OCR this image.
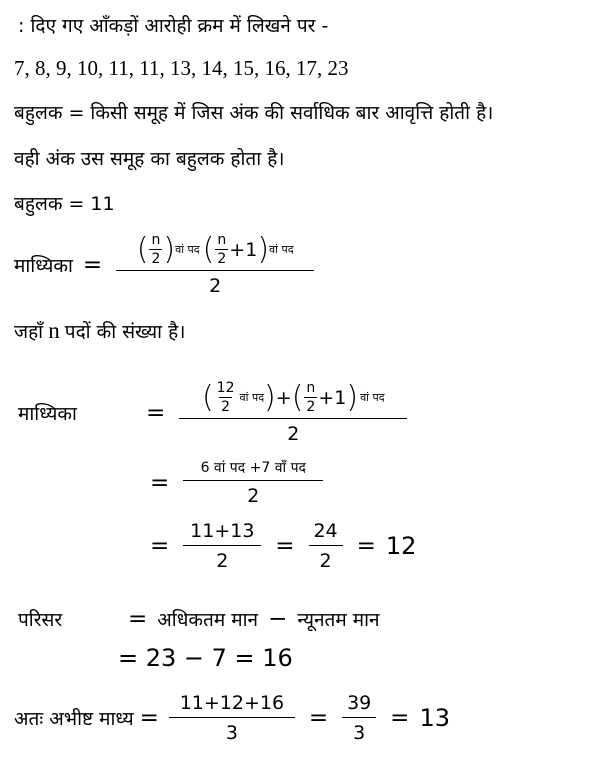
: दिए गए आँकड़ों आरोही क्रम में लिखने पर -
7, 8, 9, 10, 11, 11, 13, 14, 15, 16, 17, 23
बहुलक = किसी समूह में जिस अंक की सर्वाधिक बार आवृत्ति होती है।
वही अंक उस समूह का बहुलक होता है।
बहुलक = 11
माध्यिका = ( $\frac{n}{2}$ ) वां पद ( $\frac{n}{2} +1$ ) वां पद
2
जहाँ n पदों की संख्या है।
माध्यिका	= ( $\frac{12}{2}$ वां पद ) + ( $\frac{n}{2} +1$ ) वां पद
2
= $\frac{\text{6 वां पद +7 वाँ पद}}{2}$
= $\frac{11+13}{2} = \frac{24}{2} = 12$
परिसर	= अधिकतम मान − न्यूनतम मान
= 23 − 7 = 16
अतः अभीष्ट माध्य = $\frac{11+12+16}{3} = \frac{39}{3} = 13$
